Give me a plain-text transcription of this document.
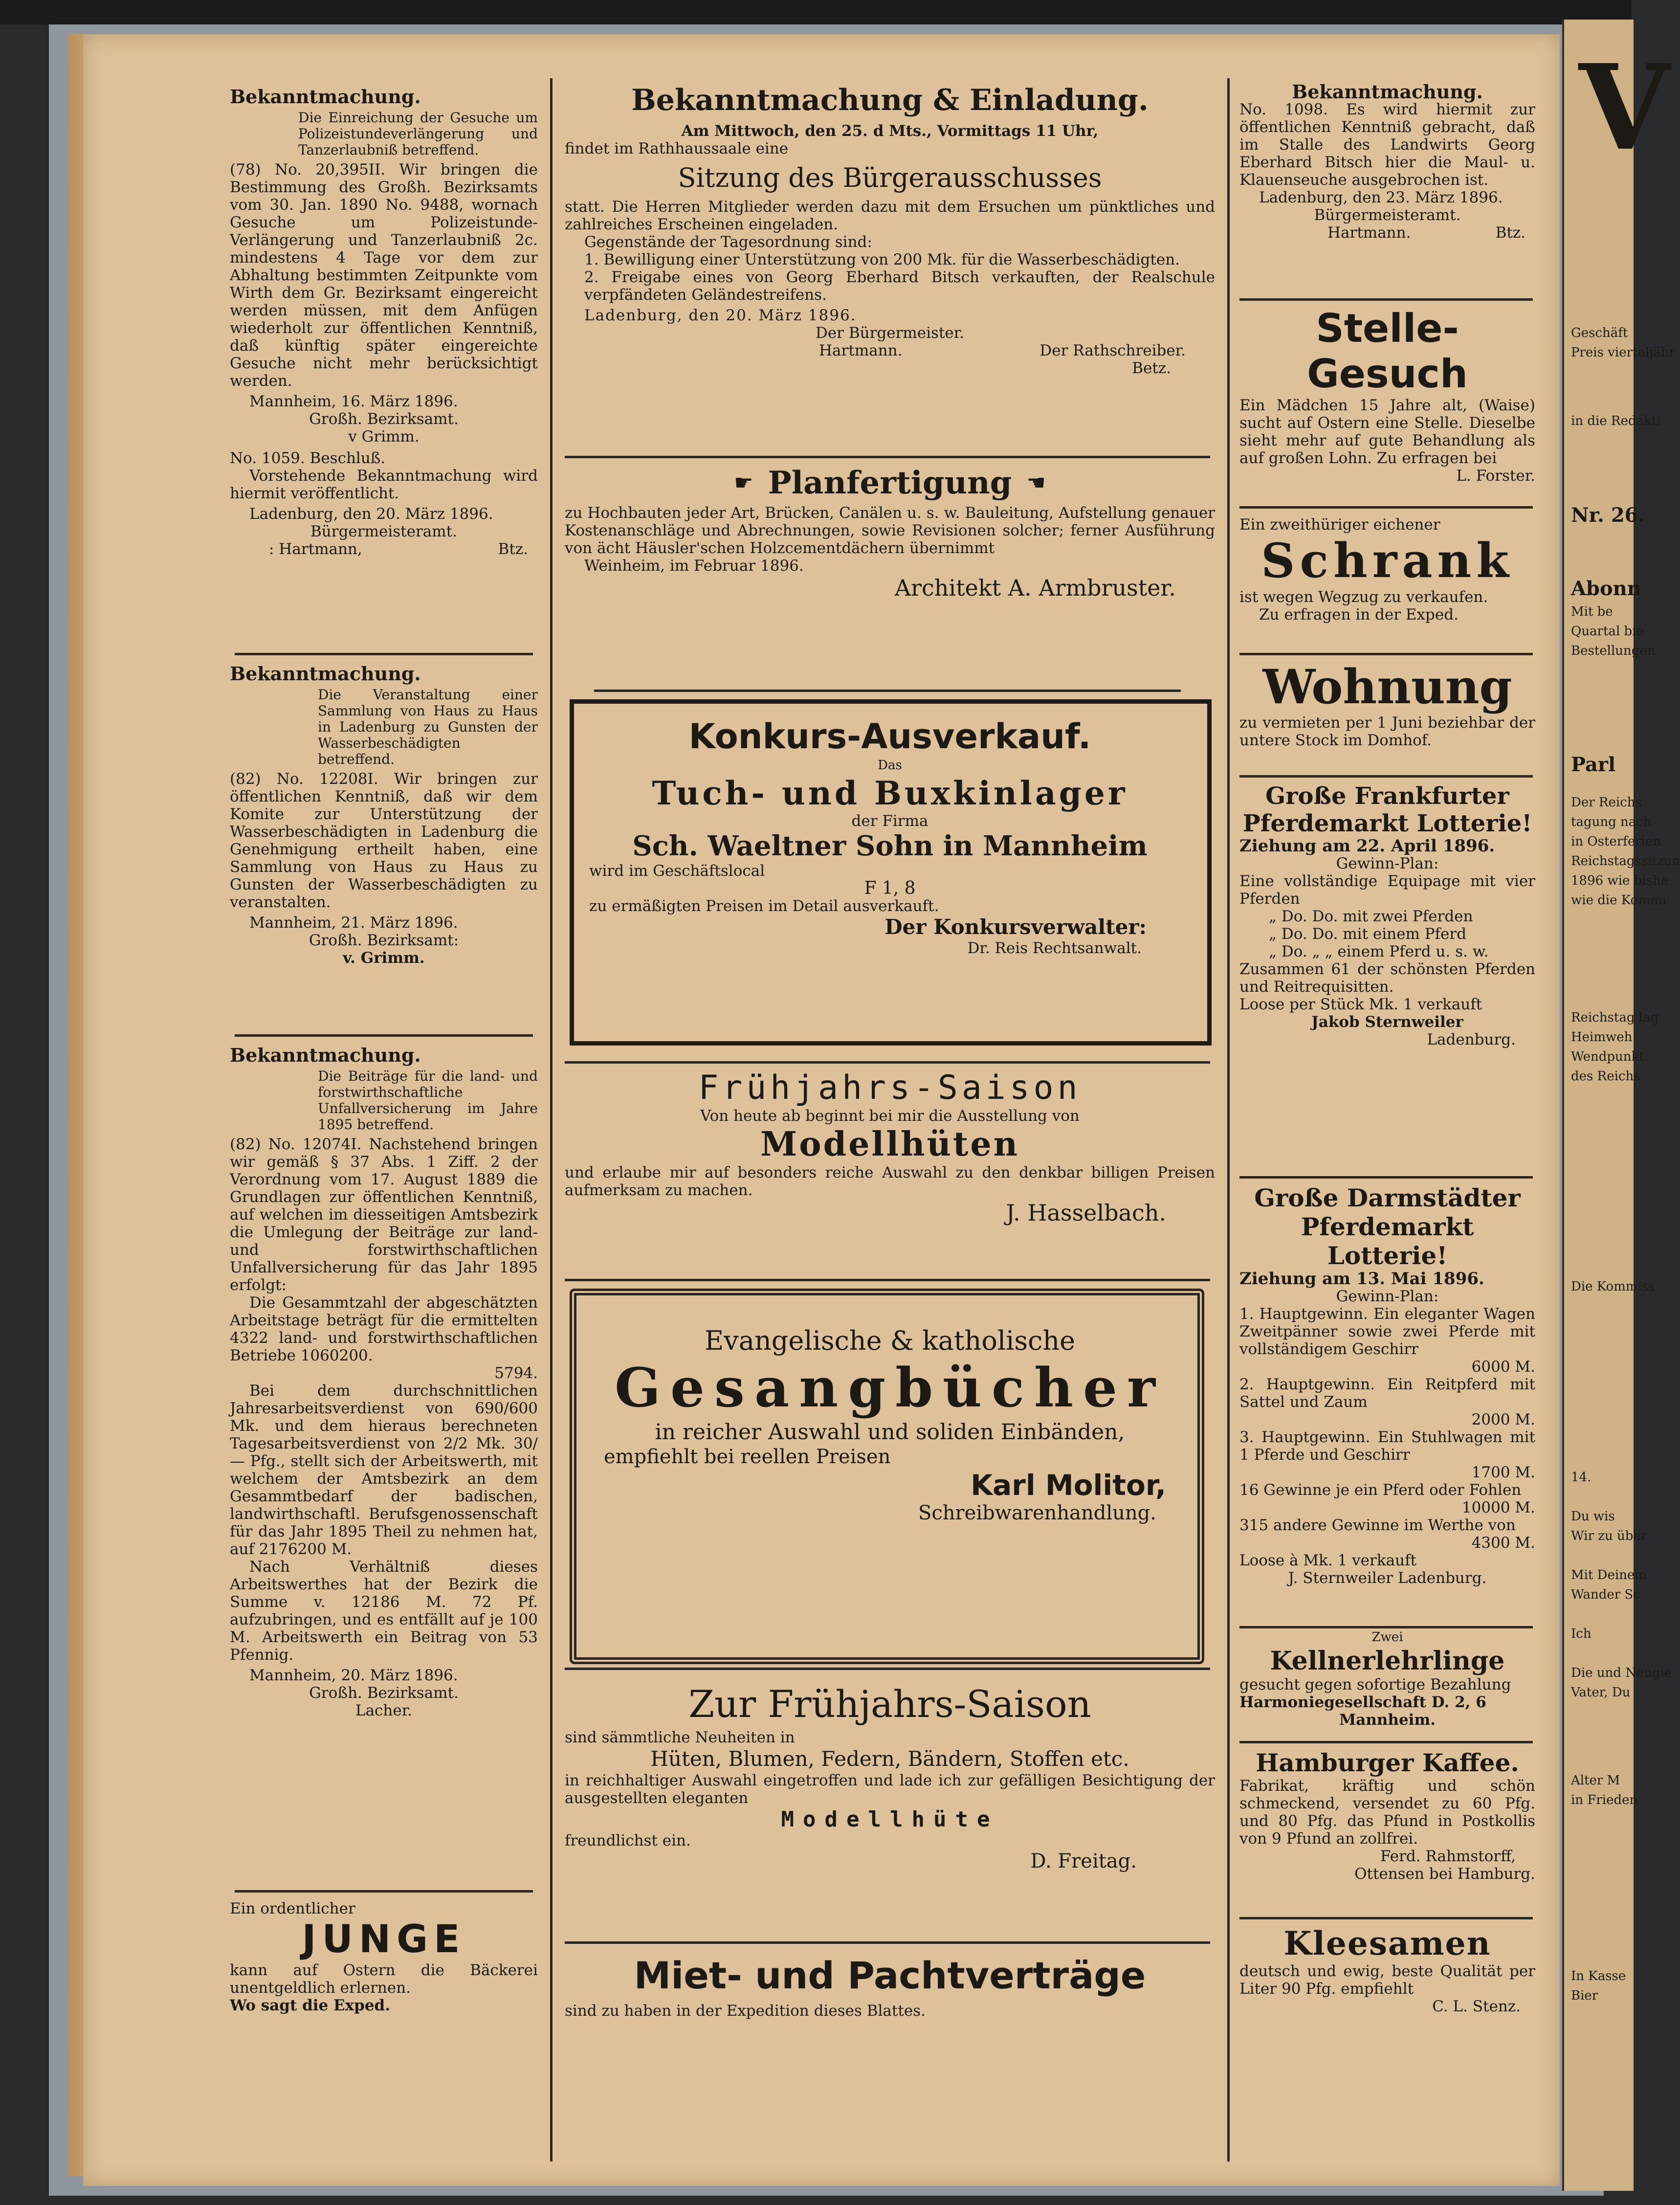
Bekanntmachung.

Die Einreichung der Gesuche um Polizeistundeverlängerung und Tanzerlaubniß betreffend.

(78) No. 20,395II. Wir bringen die Bestimmung des Großh. Bezirksamts vom 30. Jan. 1890 No. 9488, wornach Gesuche um Polizeistunde-Verlängerung und Tanzerlaubniß 2c. mindestens 4 Tage vor dem zur Abhaltung bestimmten Zeitpunkte vom Wirth dem Gr. Bezirksamt eingereicht werden müssen, mit dem Anfügen wiederholt zur öffentlichen Kenntniß, daß künftig später eingereichte Gesuche nicht mehr berücksichtigt werden.

Mannheim, 16. März 1896.

Großh. Bezirksamt.

v Grimm.

No. 1059. Beschluß.

Vorstehende Bekanntmachung wird hiermit veröffentlicht.

Ladenburg, den 20. März 1896.

Bürgermeisteramt.

: Hartmann,	Btz.

Bekanntmachung.

Die Veranstaltung einer Sammlung von Haus zu Haus in Ladenburg zu Gunsten der Wasserbeschädigten betreffend.

(82) No. 12208I. Wir bringen zur öffentlichen Kenntniß, daß wir dem Komite zur Unterstützung der Wasserbeschädigten in Ladenburg die Genehmigung ertheilt haben, eine Sammlung von Haus zu Haus zu Gunsten der Wasserbeschädigten zu veranstalten.

Mannheim, 21. März 1896.

Großh. Bezirksamt:

v. Grimm.

Bekanntmachung.

Die Beiträge für die land- und forstwirthschaftliche Unfallversicherung im Jahre 1895 betreffend.

(82) No. 12074I. Nachstehend bringen wir gemäß § 37 Abs. 1 Ziff. 2 der Verordnung vom 17. August 1889 die Grundlagen zur öffentlichen Kenntniß, auf welchen im diesseitigen Amtsbezirk die Umlegung der Beiträge zur land- und forstwirthschaftlichen Unfallversicherung für das Jahr 1895 erfolgt:

Die Gesammtzahl der abgeschätzten Arbeitstage beträgt für die ermittelten 4322 land- und forstwirthschaftlichen Betriebe 1060200.

5794.

Bei dem durchschnittlichen Jahresarbeitsverdienst von 690/600 Mk. und dem hieraus berechneten Tagesarbeitsverdienst von 2/2 Mk. 30/— Pfg., stellt sich der Arbeitswerth, mit welchem der Amtsbezirk an dem Gesammtbedarf der badischen, landwirthschaftl. Berufsgenossenschaft für das Jahr 1895 Theil zu nehmen hat, auf 2176200 M.

Nach Verhältniß dieses Arbeitswerthes hat der Bezirk die Summe v. 12186 M. 72 Pf. aufzubringen, und es entfällt auf je 100 M. Arbeitswerth ein Beitrag von 53 Pfennig.

Mannheim, 20. März 1896.

Großh. Bezirksamt.

Lacher.

Ein ordentlicher

JUNGE

kann auf Ostern die Bäckerei unentgeldlich erlernen.

Wo sagt die Exped.

Bekanntmachung & Einladung.

Am Mittwoch, den 25. d Mts., Vormittags 11 Uhr,

findet im Rathhaussaale eine

Sitzung des Bürgerausschusses

statt. Die Herren Mitglieder werden dazu mit dem Ersuchen um pünktliches und zahlreiches Erscheinen eingeladen.

Gegenstände der Tagesordnung sind:

1. Bewilligung einer Unterstützung von 200 Mk. für die Wasserbeschädigten.

2. Freigabe eines von Georg Eberhard Bitsch verkauften, der Realschule verpfändeten Geländestreifens.

Ladenburg, den 20. März 1896.

Der Bürgermeister.

Hartmann.	Der Rathschreiber.

Betz.

☛ Planfertigung ☚

zu Hochbauten jeder Art, Brücken, Canälen u. s. w. Bauleitung, Aufstellung genauer Kostenanschläge und Abrechnungen, sowie Revisionen solcher; ferner Ausführung von ächt Häusler'schen Holzcementdächern übernimmt

Weinheim, im Februar 1896.

Architekt A. Armbruster.

Konkurs-Ausverkauf.

Das

Tuch- und Buxkinlager

der Firma

Sch. Waeltner Sohn in Mannheim

wird im Geschäftslocal

F 1, 8

zu ermäßigten Preisen im Detail ausverkauft.

Der Konkursverwalter:

Dr. Reis Rechtsanwalt.

Frühjahrs-Saison

Von heute ab beginnt bei mir die Ausstellung von

Modellhüten

und erlaube mir auf besonders reiche Auswahl zu den denkbar billigen Preisen aufmerksam zu machen.

J. Hasselbach.

Evangelische & katholische

Gesangbücher

in reicher Auswahl und soliden Einbänden,

empfiehlt bei reellen Preisen

Karl Molitor,

Schreibwarenhandlung.

Zur Frühjahrs-Saison

sind sämmtliche Neuheiten in

Hüten, Blumen, Federn, Bändern, Stoffen etc.

in reichhaltiger Auswahl eingetroffen und lade ich zur gefälligen Besichtigung der ausgestellten eleganten

Modellhüte

freundlichst ein.

D. Freitag.

Miet- und Pachtverträge

sind zu haben in der Expedition dieses Blattes.

Bekanntmachung.

No. 1098. Es wird hiermit zur öffentlichen Kenntniß gebracht, daß im Stalle des Landwirts Georg Eberhard Bitsch hier die Maul- u. Klauenseuche ausgebrochen ist.

Ladenburg, den 23. März 1896.

Bürgermeisteramt.

Hartmann.	Btz.

Stelle-Gesuch

Ein Mädchen 15 Jahre alt, (Waise) sucht auf Ostern eine Stelle. Dieselbe sieht mehr auf gute Behandlung als auf großen Lohn. Zu erfragen bei

L. Forster.

Ein zweithüriger eichener

Schrank

ist wegen Wegzug zu verkaufen.

Zu erfragen in der Exped.

Wohnung

zu vermieten per 1 Juni beziehbar der untere Stock im Domhof.

Große Frankfurter

Pferdemarkt Lotterie!

Ziehung am 22. April 1896.

Gewinn-Plan:

Eine vollständige Equipage mit vier Pferden

„ Do. Do. mit zwei Pferden

„ Do. Do. mit einem Pferd

„ Do. „ „ einem Pferd u. s. w.

Zusammen 61 der schönsten Pferden und Reitrequisitten.

Loose per Stück Mk. 1 verkauft

Jakob Sternweiler

Ladenburg.

Große Darmstädter

Pferdemarkt Lotterie!

Ziehung am 13. Mai 1896.

Gewinn-Plan:

1. Hauptgewinn. Ein eleganter Wagen Zweitpänner sowie zwei Pferde mit vollständigem Geschirr

6000 M.

2. Hauptgewinn. Ein Reitpferd mit Sattel und Zaum

2000 M.

3. Hauptgewinn. Ein Stuhlwagen mit 1 Pferde und Geschirr

1700 M.

16 Gewinne je ein Pferd oder Fohlen

10000 M.

315 andere Gewinne im Werthe von

4300 M.

Loose à Mk. 1 verkauft

J. Sternweiler Ladenburg.

Zwei

Kellnerlehrlinge

gesucht gegen sofortige Bezahlung

Harmoniegesellschaft D. 2, 6

Mannheim.

Hamburger Kaffee.

Fabrikat, kräftig und schön schmeckend, versendet zu 60 Pfg. und 80 Pfg. das Pfund in Postkollis von 9 Pfund an zollfrei.

Ferd. Rahmstorff,

Ottensen bei Hamburg.

Kleesamen

deutsch und ewig, beste Qualität per Liter 90 Pfg. empfiehlt

C. L. Stenz.

V

Geschäft

Preis vierteljähr

in die Redakti

Nr. 26.

Abonn

Mit be

Quartal bie

Bestellungen

Parl

Der Reichs

tagung nach

in Osterferien

Reichstagssitzun

1896 wie bishe

wie die Kommi

Reichstag lag

Heimweh

Wendpunkt

des Reichs

Die Kommiss

14.

Du wis

Wir zu über

Mit Deinem

Wander Sc

Ich

Die und Neugie

Vater, Du

Alter M

in Frieden

In Kasse

Bier
